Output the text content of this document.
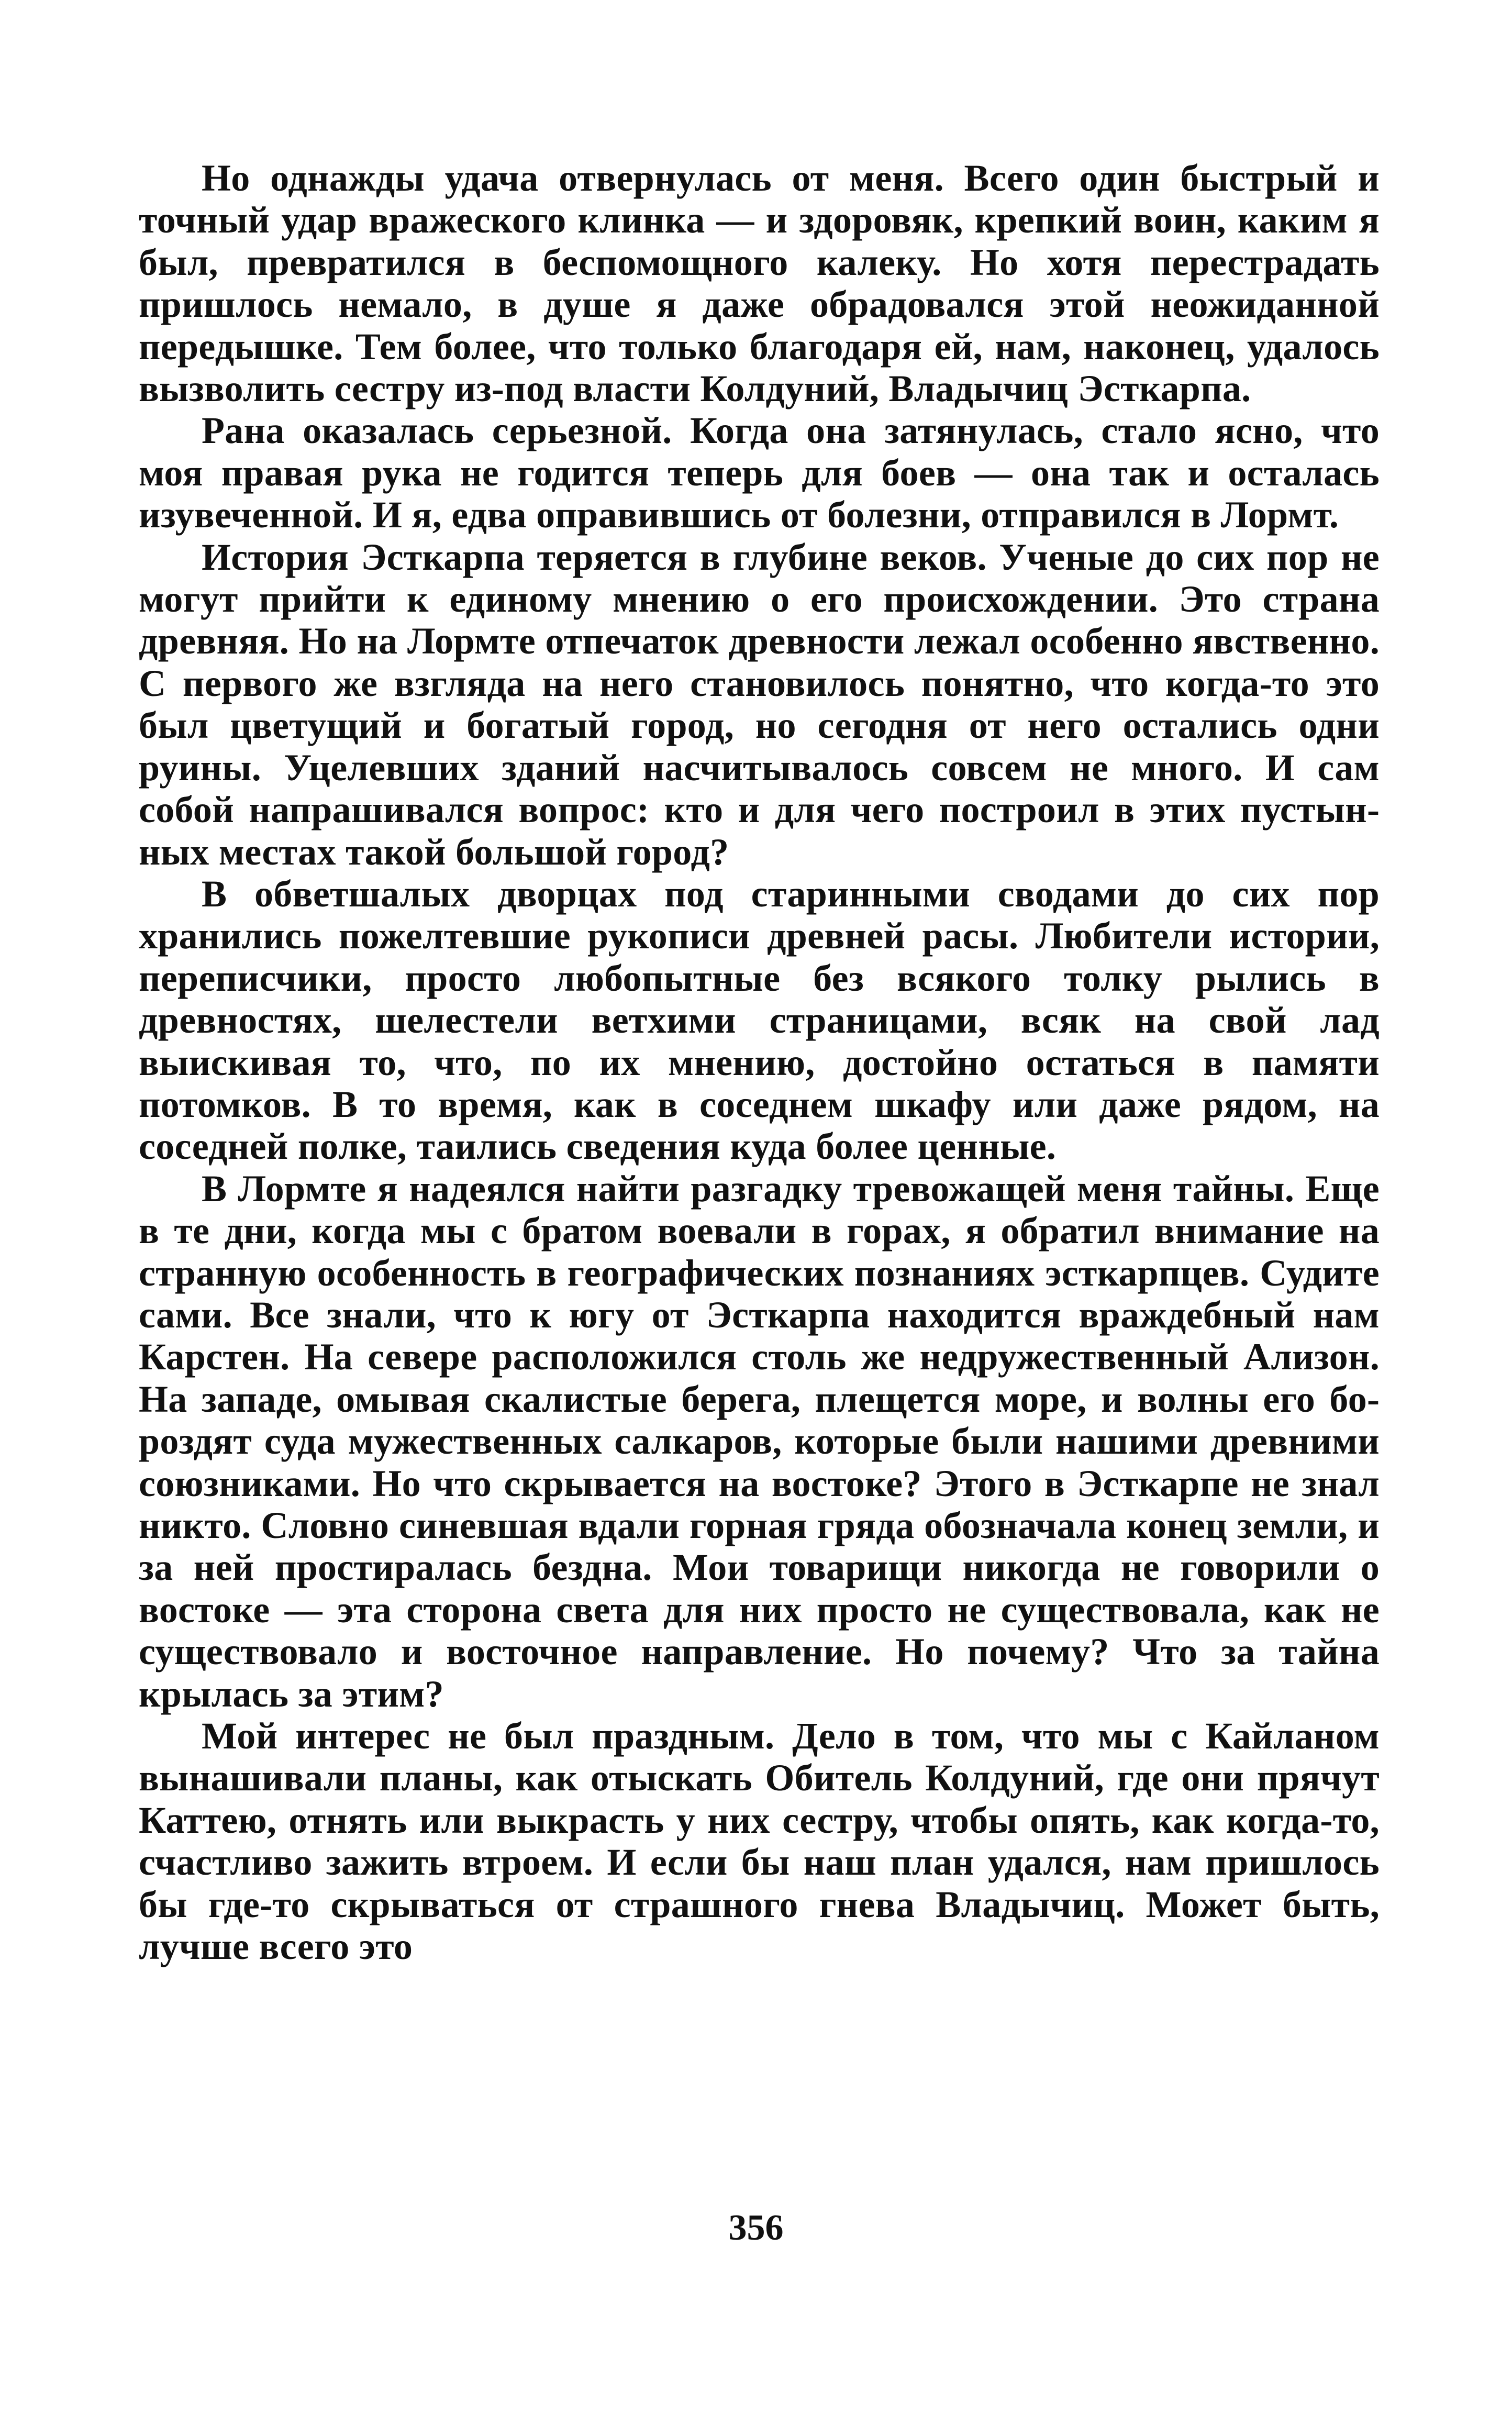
Но однажды удача отвернулась от меня. Всего один быстрый и точный удар вражеского клинка — и здоровяк, крепкий воин, каким я был, превратился в беспомощного калеку. Но хотя перестрадать пришлось немало, в душе я даже обрадовался этой неожиданной передышке. Тем более, что только благодаря ей, нам, наконец, удалось вызволить сестру из-под власти Колдуний, Владычиц Эсткарпа.

Рана оказалась серьезной. Когда она затянулась, стало ясно, что моя правая рука не годится теперь для боев — она так и осталась изувеченной. И я, едва оправившись от болезни, отправился в Лормт.

История Эсткарпа теряется в глубине веков. Ученые до сих пор не могут прийти к единому мнению о его происхождении. Это страна древняя. Но на Лормте отпечаток древности лежал особенно явственно. С первого же взгляда на него становилось понятно, что когда-то это был цветущий и богатый город, но сегодня от него остались одни руины. Уцелевших зданий насчитывалось совсем не много. И сам собой напрашивался вопрос: кто и для чего построил в этих пустынных местах такой большой город?

В обветшалых дворцах под старинными сводами до сих пор хранились пожелтевшие рукописи древней расы. Любители истории, переписчики, просто любопытные без всякого толку рылись в древностях, шелестели ветхими страницами, всяк на свой лад выискивая то, что, по их мнению, достойно остаться в памяти потомков. В то время, как в соседнем шкафу или даже рядом, на соседней полке, таились сведения куда более ценные.

В Лормте я надеялся найти разгадку тревожащей меня тайны. Еще в те дни, когда мы с братом воевали в горах, я обратил внимание на странную особенность в географических познаниях эсткарпцев. Судите сами. Все знали, что к югу от Эсткарпа находится враждебный нам Карстен. На севере расположился столь же недружественный Ализон. На западе, омывая скалистые берега, плещется море, и волны его бороздят суда мужественных салкаров, которые были нашими древними союзниками. Но что скрывается на востоке? Этого в Эсткарпе не знал никто. Словно синевшая вдали горная гряда обозначала конец земли, и за ней простиралась бездна. Мои товарищи никогда не говорили о востоке — эта сторона света для них просто не существовала, как не существовало и восточное направление. Но почему? Что за тайна крылась за этим?

Мой интерес не был праздным. Дело в том, что мы с Кайланом вынашивали планы, как отыскать Обитель Колдуний, где они прячут Каттею, отнять или выкрасть у них сестру, чтобы опять, как когда-то, счастливо зажить втроем. И если бы наш план удался, нам пришлось бы где-то скрываться от страшного гнева Владычиц. Может быть, лучше всего это

356
